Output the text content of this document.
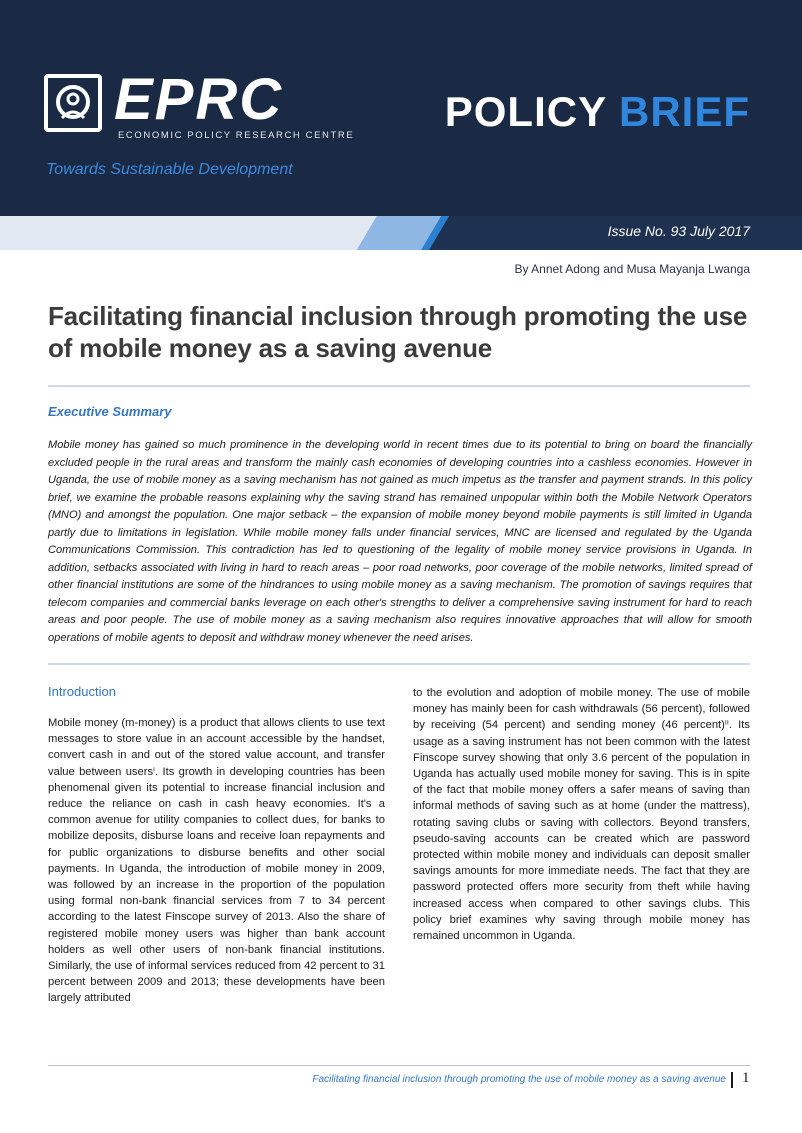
EPRC
ECONOMIC POLICY RESEARCH CENTRE
Towards Sustainable Development
POLICY BRIEF
Issue No. 93 July 2017
By Annet Adong and Musa Mayanja Lwanga
Facilitating financial inclusion through promoting the use of mobile money as a saving avenue
Executive Summary

Mobile money has gained so much prominence in the developing world in recent times due to its potential to bring on board the financially excluded people in the rural areas and transform the mainly cash economies of developing countries into a cashless economies. However in Uganda, the use of mobile money as a saving mechanism has not gained as much impetus as the transfer and payment strands. In this policy brief, we examine the probable reasons explaining why the saving strand has remained unpopular within both the Mobile Network Operators (MNO) and amongst the population. One major setback – the expansion of mobile money beyond mobile payments is still limited in Uganda partly due to limitations in legislation. While mobile money falls under financial services, MNC are licensed and regulated by the Uganda Communications Commission. This contradiction has led to questioning of the legality of mobile money service provisions in Uganda. In addition, setbacks associated with living in hard to reach areas – poor road networks, poor coverage of the mobile networks, limited spread of other financial institutions are some of the hindrances to using mobile money as a saving mechanism. The promotion of savings requires that telecom companies and commercial banks leverage on each other's strengths to deliver a comprehensive saving instrument for hard to reach areas and poor people. The use of mobile money as a saving mechanism also requires innovative approaches that will allow for smooth operations of mobile agents to deposit and withdraw money whenever the need arises.

Introduction

Mobile money (m-money) is a product that allows clients to use text messages to store value in an account accessible by the handset, convert cash in and out of the stored value account, and transfer value between usersⁱ. Its growth in developing countries has been phenomenal given its potential to increase financial inclusion and reduce the reliance on cash in cash heavy economies. It's a common avenue for utility companies to collect dues, for banks to mobilize deposits, disburse loans and receive loan repayments and for public organizations to disburse benefits and other social payments. In Uganda, the introduction of mobile money in 2009, was followed by an increase in the proportion of the population using formal non-bank financial services from 7 to 34 percent according to the latest Finscope survey of 2013. Also the share of registered mobile money users was higher than bank account holders as well other users of non-bank financial institutions. Similarly, the use of informal services reduced from 42 percent to 31 percent between 2009 and 2013; these developments have been largely attributed

to the evolution and adoption of mobile money. The use of mobile money has mainly been for cash withdrawals (56 percent), followed by receiving (54 percent) and sending money (46 percent)ⁱⁱ. Its usage as a saving instrument has not been common with the latest Finscope survey showing that only 3.6 percent of the population in Uganda has actually used mobile money for saving. This is in spite of the fact that mobile money offers a safer means of saving than informal methods of saving such as at home (under the mattress), rotating saving clubs or saving with collectors. Beyond transfers, pseudo-saving accounts can be created which are password protected within mobile money and individuals can deposit smaller savings amounts for more immediate needs. The fact that they are password protected offers more security from theft while having increased access when compared to other savings clubs. This policy brief examines why saving through mobile money has remained uncommon in Uganda.

Facilitating financial inclusion through promoting the use of mobile money as a saving avenue 1
